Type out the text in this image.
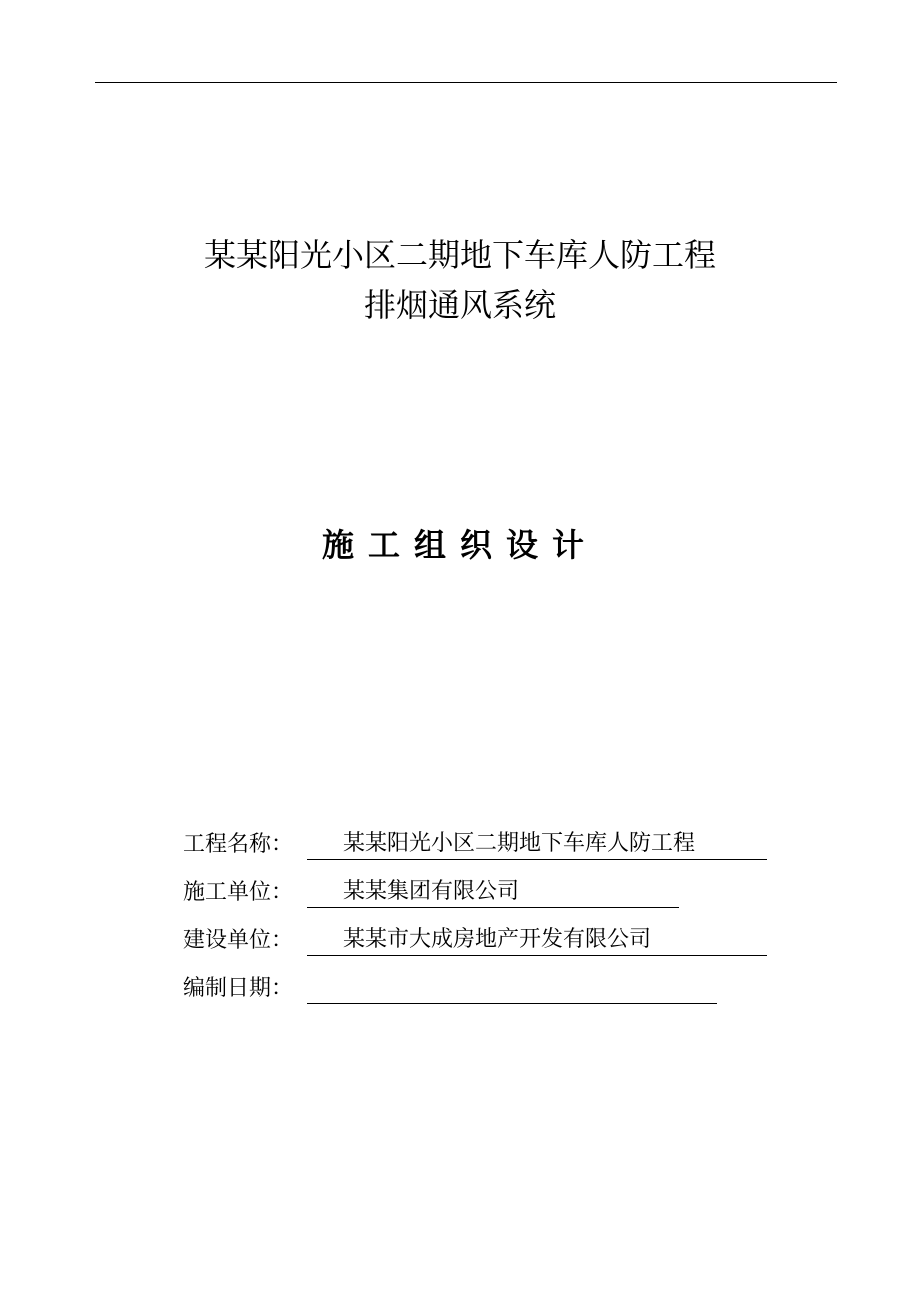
某某阳光小区二期地下车库人防工程
排烟通风系统
施工组织设计
工程名称：	某某阳光小区二期地下车库人防工程
施工单位：	某某集团有限公司
建设单位：	某某市大成房地产开发有限公司
编制日期：
